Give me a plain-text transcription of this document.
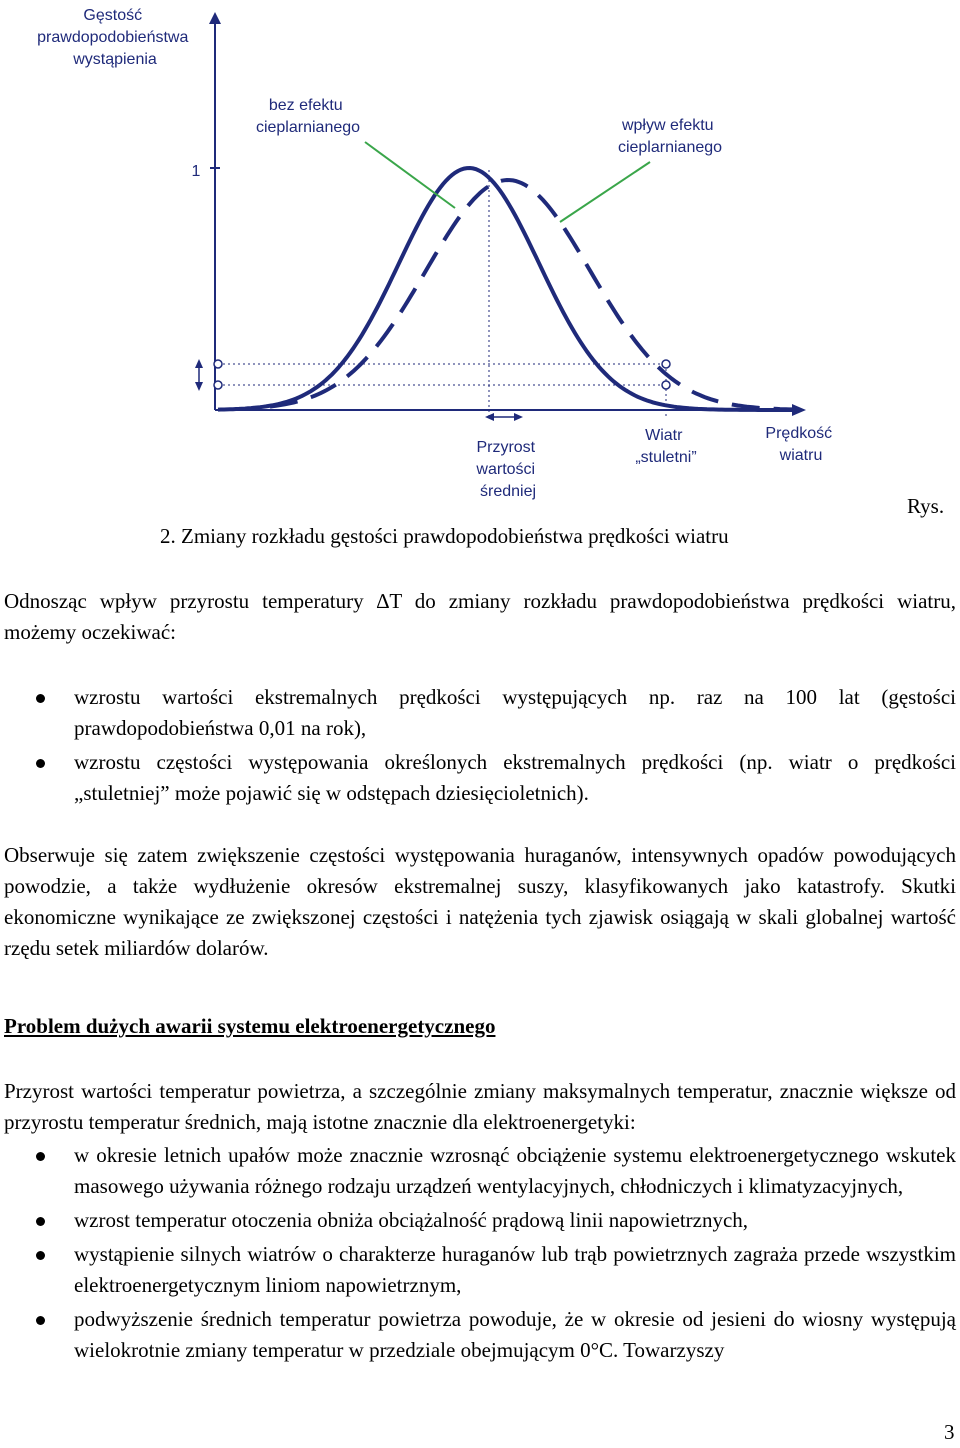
Gęstość prawdopodobieństwa wystąpienia
1
bez efektu cieplarnianego	wpływ efektu cieplarnianego
Przyrost wartości średniej
Wiatr „stuletni”
Prędkość wiatru
Rys.
2. Zmiany rozkładu gęstości prawdopodobieństwa prędkości wiatru

Odnosząc wpływ przyrostu temperatury ∆T do zmiany rozkładu prawdopodobieństwa prędkości wiatru, możemy oczekiwać:

wzrostu wartości ekstremalnych prędkości występujących np. raz na 100 lat (gęstości prawdopodobieństwa 0,01 na rok),
wzrostu częstości występowania określonych ekstremalnych prędkości (np. wiatr o prędkości „stuletniej” może pojawić się w odstępach dziesięcioletnich).

Obserwuje się zatem zwiększenie częstości występowania huraganów, intensywnych opadów powodujących powodzie, a także wydłużenie okresów ekstremalnej suszy, klasyfikowanych jako katastrofy. Skutki ekonomiczne wynikające ze zwiększonej częstości i natężenia tych zjawisk osiągają w skali globalnej wartość rzędu setek miliardów dolarów.

Problem dużych awarii systemu elektroenergetycznego

Przyrost wartości temperatur powietrza, a szczególnie zmiany maksymalnych temperatur, znacznie większe od przyrostu temperatur średnich, mają istotne znacznie dla elektroenergetyki:

w okresie letnich upałów może znacznie wzrosnąć obciążenie systemu elektroenergetycznego wskutek masowego używania różnego rodzaju urządzeń wentylacyjnych, chłodniczych i klimatyzacyjnych,
wzrost temperatur otoczenia obniża obciążalność prądową linii napowietrznych,
wystąpienie silnych wiatrów o charakterze huraganów lub trąb powietrznych zagraża przede wszystkim elektroenergetycznym liniom napowietrznym,
podwyższenie średnich temperatur powietrza powoduje, że w okresie od jesieni do wiosny występują wielokrotnie zmiany temperatur w przedziale obejmującym 0°C. Towarzyszy
3
